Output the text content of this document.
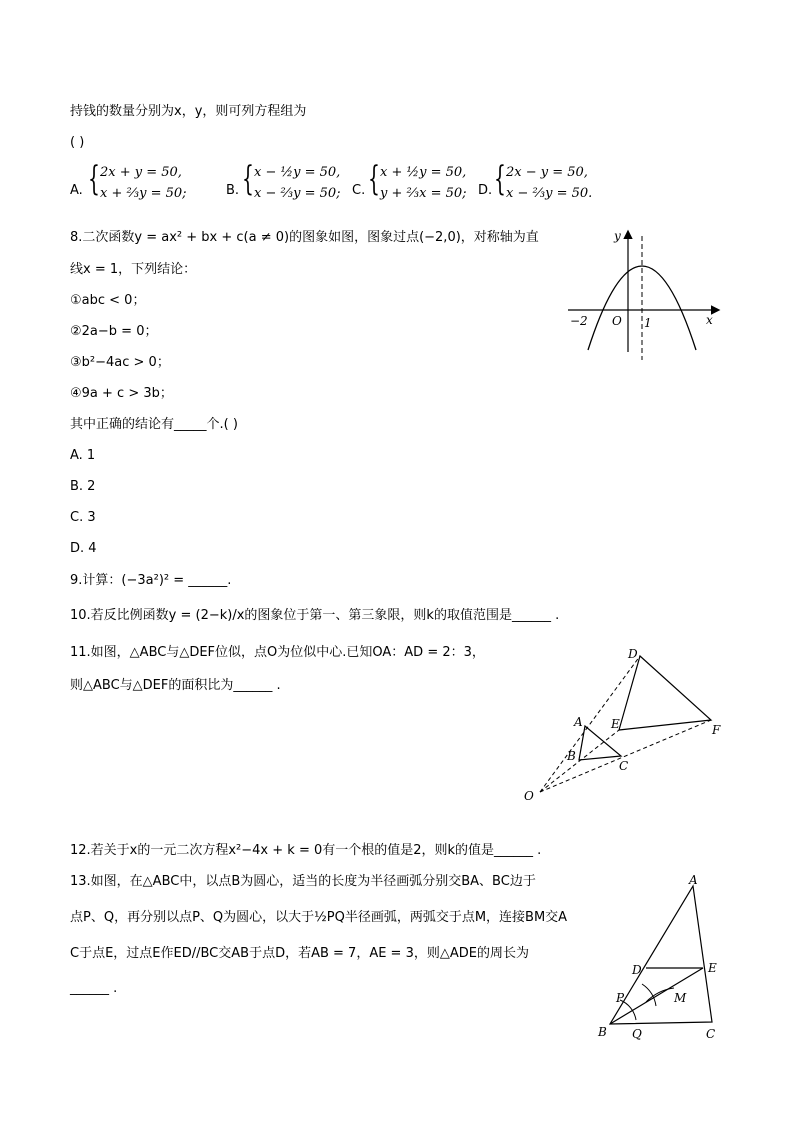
持钱的数量分别为x，y，则可列方程组为
( )
A. { 2x + y = 50,
x + ⅔y = 50;	B. { x − ½y = 50,
x − ⅔y = 50; C. { x + ½y = 50,
y + ⅔x = 50; D. { 2x − y = 50,
x − ⅔y = 50.
8.二次函数y = ax² + bx + c(a ≠ 0)的图象如图，图象过点(−2,0)，对称轴为直
线x = 1，下列结论：
①abc < 0；
②2a−b = 0；
③b²−4ac > 0；
④9a + c > 3b；
其中正确的结论有_____个.( )
A. 1
B. 2
C. 3
D. 4
y
x
O
−2	1
9.计算：(−3a²)² = ______.
10.若反比例函数y = (2−k)/x的图象位于第一、第三象限，则k的取值范围是______ .
11.如图，△ABC与△DEF位似，点O为位似中心.已知OA：AD = 2：3，
则△ABC与△DEF的面积比为______ .
D
E	F
A
B
C
O
12.若关于x的一元二次方程x²−4x + k = 0有一个根的值是2，则k的值是______ .
13.如图，在△ABC中，以点B为圆心，适当的长度为半径画弧分别交BA、BC边于
点P、Q，再分别以点P、Q为圆心，以大于½PQ半径画弧，两弧交于点M，连接BM交A
C于点E，过点E作ED//BC交AB于点D，若AB = 7，AE = 3，则△ADE的周长为
______ .
A
B	C
D	E
P
Q
M
